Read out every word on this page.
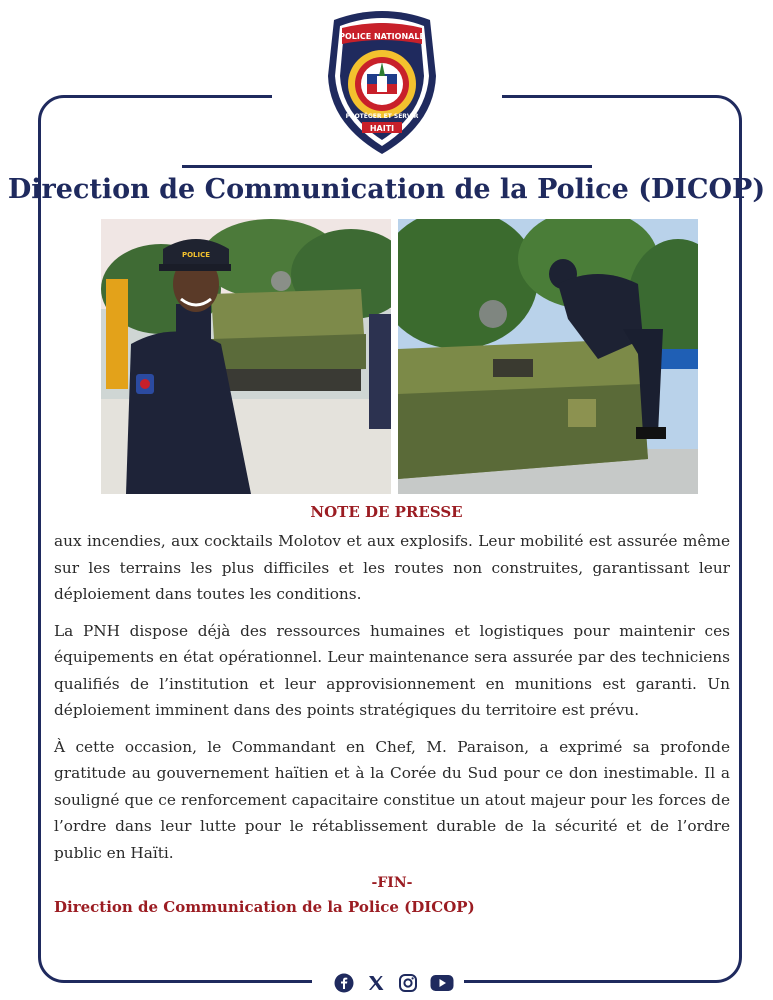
POLICE NATIONALE
PROTÉGER ET SERVIR
HAITI
Direction de Communication de la Police (DICOP)
POLICE
NOTE DE PRESSE

aux incendies, aux cocktails Molotov et aux explosifs. Leur mobilité est assurée même sur les terrains les plus difficiles et les routes non construites, garantissant leur déploiement dans toutes les conditions.

La PNH dispose déjà des ressources humaines et logistiques pour maintenir ces équipements en état opérationnel. Leur maintenance sera assurée par des techniciens qualifiés de l’institution et leur approvisionnement en munitions est garanti. Un déploiement imminent dans des points stratégiques du territoire est prévu.

À cette occasion, le Commandant en Chef, M. Paraison, a exprimé sa profonde gratitude au gouvernement haïtien et à la Corée du Sud pour ce don inestimable. Il a souligné que ce renforcement capacitaire constitue un atout majeur pour les forces de l’ordre dans leur lutte pour le rétablissement durable de la sécurité et de l’ordre public en Haïti.

-FIN-
Direction de Communication de la Police (DICOP)
